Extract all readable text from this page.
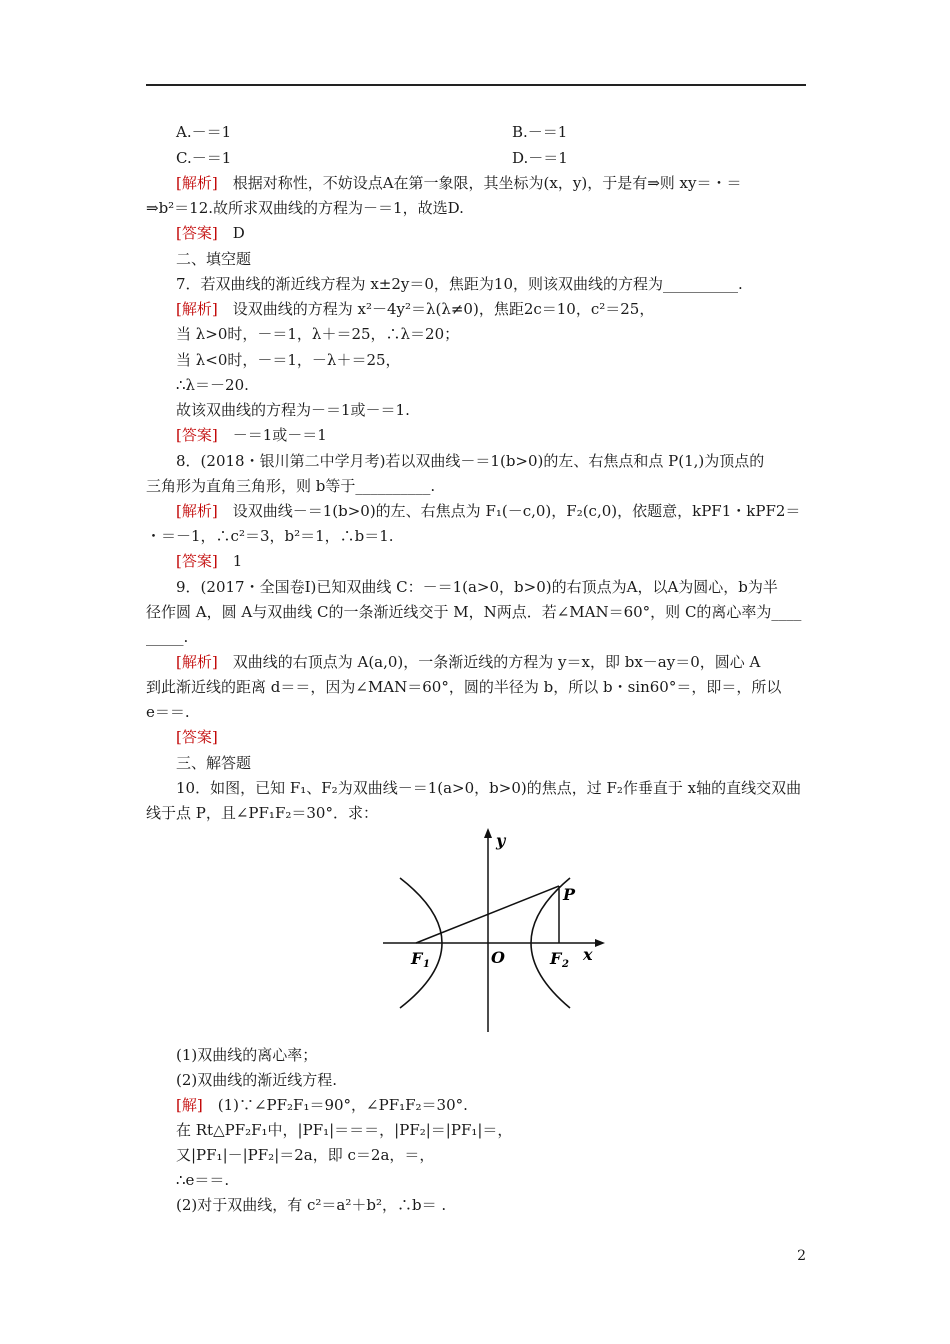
A.－＝1	B.－＝1
C.－＝1	D.－＝1
[解析]　根据对称性，不妨设点A在第一象限，其坐标为(x，y)，于是有⇒则 xy＝・＝
⇒b²＝12.故所求双曲线的方程为－＝1，故选D.
[答案]　D
二、填空题
7．若双曲线的渐近线方程为 x±2y＝0，焦距为10，则该双曲线的方程为__________.
[解析]　设双曲线的方程为 x²－4y²＝λ(λ≠0)，焦距2c＝10，c²＝25，
当 λ>0时，－＝1，λ＋＝25，∴λ＝20；
当 λ<0时，－＝1，－λ＋＝25，
∴λ＝－20.
故该双曲线的方程为－＝1或－＝1.
[答案]　－＝1或－＝1
8．(2018・银川第二中学月考)若以双曲线－＝1(b>0)的左、右焦点和点 P(1,)为顶点的
三角形为直角三角形，则 b等于__________.
[解析]　设双曲线－＝1(b>0)的左、右焦点为 F₁(－c,0)，F₂(c,0)，依题意，kPF1・kPF2＝
・＝－1，∴c²＝3，b²＝1，∴b＝1.
[答案]　1
9．(2017・全国卷Ⅰ)已知双曲线 C：－＝1(a>0，b>0)的右顶点为A，以A为圆心，b为半
径作圆 A，圆 A与双曲线 C的一条渐近线交于 M，N两点．若∠MAN＝60°，则 C的离心率为____
_____.
[解析]　双曲线的右顶点为 A(a,0)，一条渐近线的方程为 y＝x，即 bx－ay＝0，圆心 A
到此渐近线的距离 d＝＝，因为∠MAN＝60°，圆的半径为 b，所以 b・sin60°＝，即＝，所以
e＝＝.
[答案]
三、解答题
10．如图，已知 F₁、F₂为双曲线－＝1(a>0，b>0)的焦点，过 F₂作垂直于 x轴的直线交双曲
线于点 P，且∠PF₁F₂＝30°．求：
y
x
O
P
F 1	F 2
(1)双曲线的离心率；
(2)双曲线的渐近线方程.
[解]　(1)∵∠PF₂F₁＝90°，∠PF₁F₂＝30°.
在 Rt△PF₂F₁中，|PF₁|＝＝＝，|PF₂|＝|PF₁|＝，
又|PF₁|－|PF₂|＝2a，即 c＝2a，＝，
∴e＝＝.
(2)对于双曲线，有 c²＝a²＋b²，∴b＝ .
2
